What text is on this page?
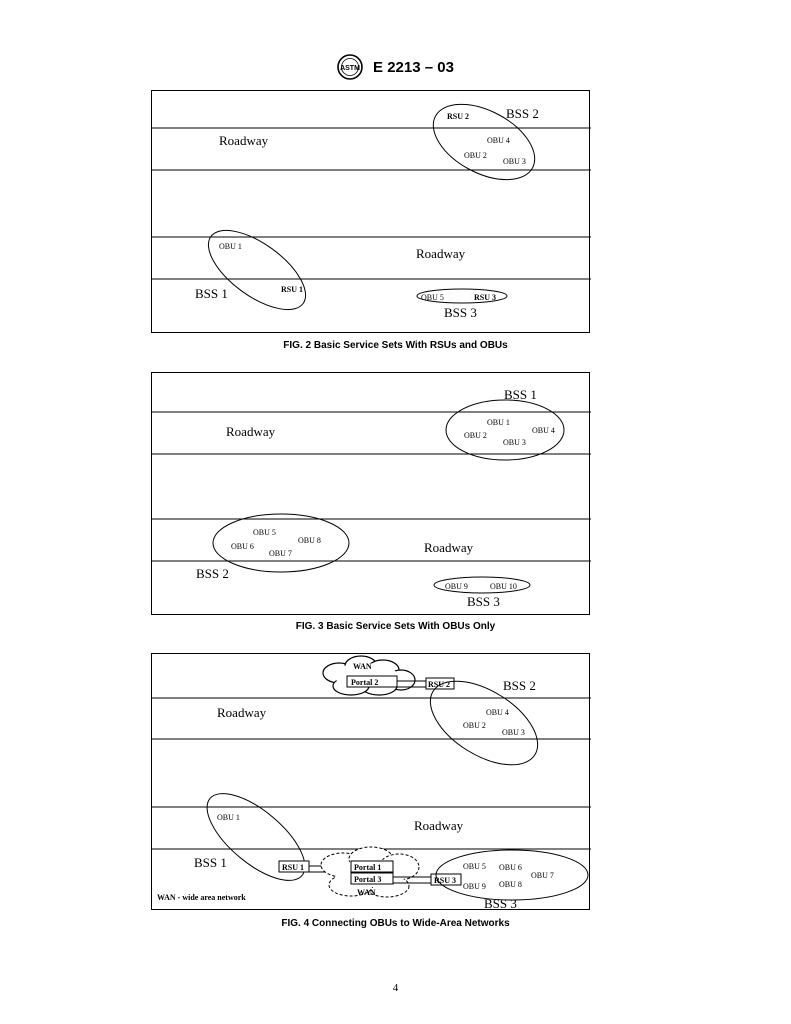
ASTM E 2213 – 03
Roadway
Roadway
RSU 2	BSS 2
OBU 4
OBU 2
OBU 3
OBU 1
BSS 1	RSU 1
OBU 5	RSU 3
BSS 3
FIG. 2 Basic Service Sets With RSUs and OBUs
BSS 1
Roadway
OBU 1
OBU 2
OBU 3
OBU 4
OBU 5
OBU 6
OBU 7
OBU 8	Roadway
BSS 2
OBU 9	OBU 10
BSS 3
FIG. 3 Basic Service Sets With OBUs Only
WAN
Portal 2	RSU 2	BSS 2
OBU 4
OBU 2
OBU 3
Roadway
OBU 1
Roadway
BSS 1	RSU 1	Portal 1
Portal 3
WAN
RSU 3
OBU 5 OBU 6
OBU 7
OBU 9 OBU 8
BSS 3
WAN - wide area network
FIG. 4 Connecting OBUs to Wide-Area Networks
4
